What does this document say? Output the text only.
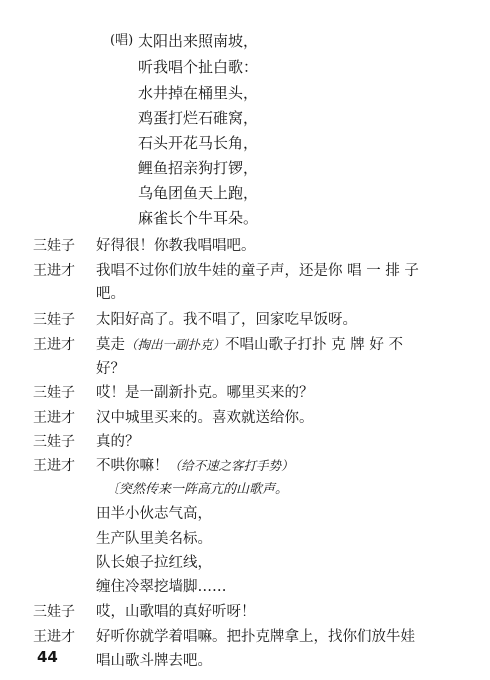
(唱) 太阳出来照南坡，
听我唱个扯白歌：
水井掉在桶里头，
鸡蛋打烂石碓窝，
石头开花马长角，
鲤鱼招亲狗打锣，
乌龟团鱼天上跑，
麻雀长个牛耳朵。
三娃子	好得很！你教我唱唱吧。
王进才	我唱不过你们放牛娃的童子声，还是你 唱 一 排 子
吧。
三娃子	太阳好高了。我不唱了，回家吃早饭呀。
王进才	莫走（掏出一副扑克）不唱山歌子打扑 克 牌 好 不
好？
三娃子	哎！是一副新扑克。哪里买来的？
王进才	汉中城里买来的。喜欢就送给你。
三娃子	真的？
王进才	不哄你嘛！（给不速之客打手势）
〔突然传来一阵高亢的山歌声。
田半小伙志气高，
生产队里美名标。
队长娘子拉红线，
缠住冷翠挖墙脚……
三娃子	哎，山歌唱的真好听呀！
王进才	好听你就学着唱嘛。把扑克牌拿上，找你们放牛娃
唱山歌斗牌去吧。
44
